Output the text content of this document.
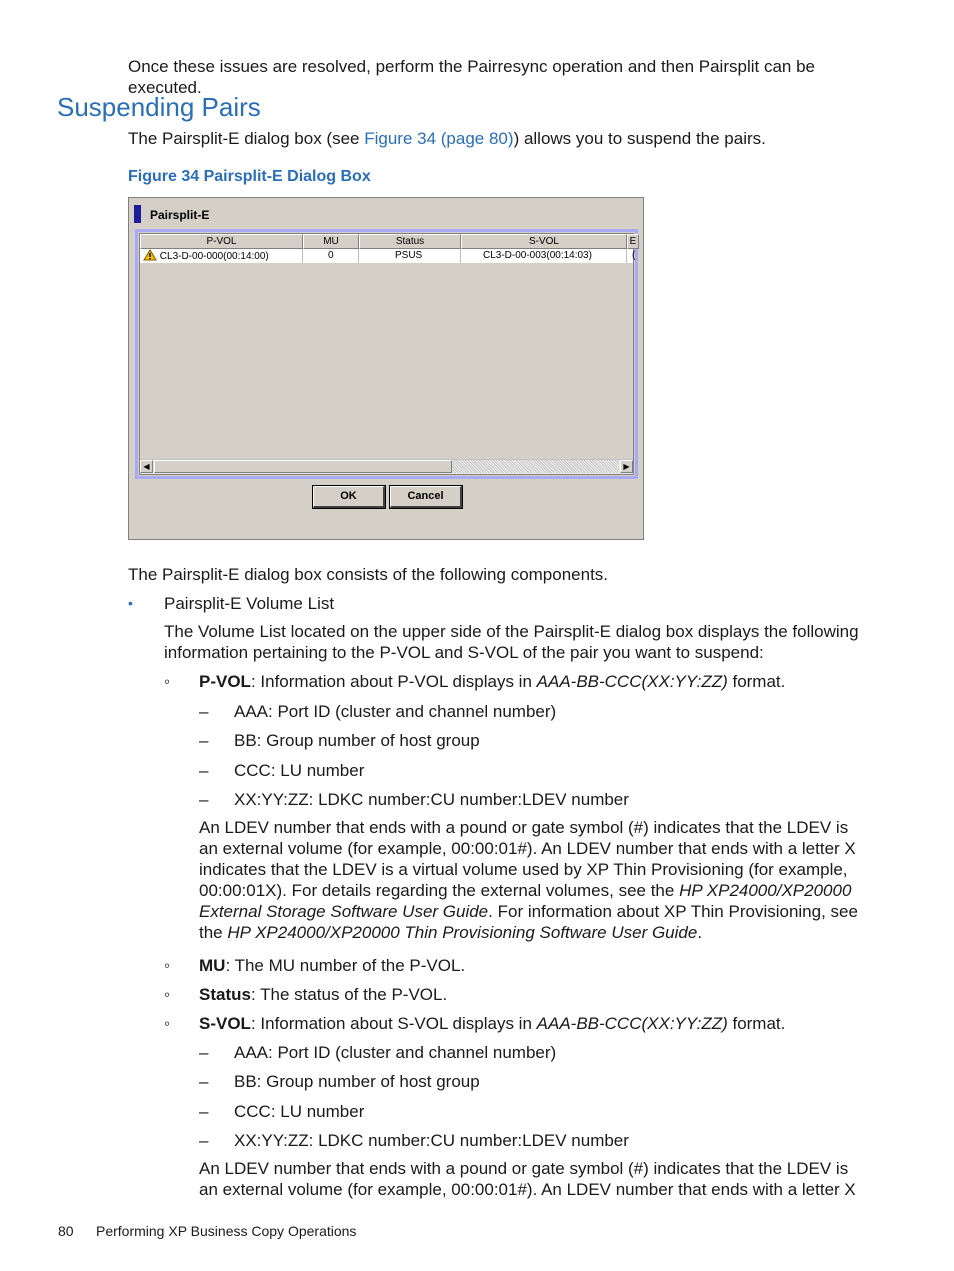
Once these issues are resolved, perform the Pairresync operation and then Pairsplit can be executed.
Suspending Pairs
The Pairsplit-E dialog box (see Figure 34 (page 80)) allows you to suspend the pairs.
Figure 34 Pairsplit-E Dialog Box
Pairsplit-E
P-VOL	MU	Status	S-VOL	E
CL3-D-00-000(00:14:00)	0	PSUS	CL3-D-00-003(00:14:03)	(
◀	▶
OK	Cancel
The Pairsplit-E dialog box consists of the following components.
• Pairsplit-E Volume List
The Volume List located on the upper side of the Pairsplit-E dialog box displays the following information pertaining to the P-VOL and S-VOL of the pair you want to suspend:
◦ P-VOL: Information about P-VOL displays in AAA-BB-CCC(XX:YY:ZZ) format.
– AAA: Port ID (cluster and channel number)
– BB: Group number of host group
– CCC: LU number
– XX:YY:ZZ: LDKC number:CU number:LDEV number
An LDEV number that ends with a pound or gate symbol (#) indicates that the LDEV is an external volume (for example, 00:00:01#). An LDEV number that ends with a letter X indicates that the LDEV is a virtual volume used by XP Thin Provisioning (for example, 00:00:01X). For details regarding the external volumes, see the HP XP24000/XP20000 External Storage Software User Guide. For information about XP Thin Provisioning, see the HP XP24000/XP20000 Thin Provisioning Software User Guide.
◦ MU: The MU number of the P-VOL.
◦ Status: The status of the P-VOL.
◦ S-VOL: Information about S-VOL displays in AAA-BB-CCC(XX:YY:ZZ) format.
– AAA: Port ID (cluster and channel number)
– BB: Group number of host group
– CCC: LU number
– XX:YY:ZZ: LDKC number:CU number:LDEV number
An LDEV number that ends with a pound or gate symbol (#) indicates that the LDEV is an external volume (for example, 00:00:01#). An LDEV number that ends with a letter X
80 Performing XP Business Copy Operations
